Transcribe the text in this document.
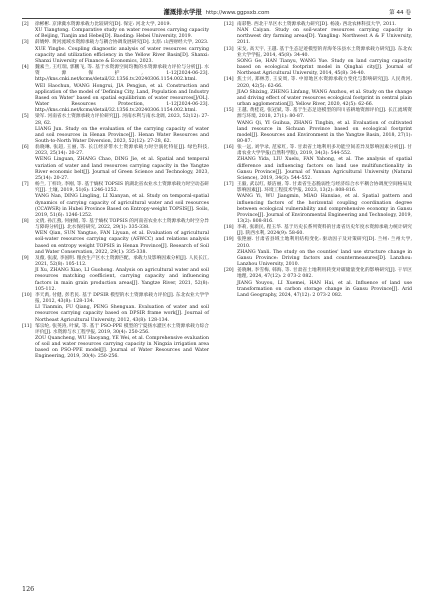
灌溉排水学报 http://www.ggpsxb.com	第 44 卷
[2] 徐彬彬. 京津冀水资源承载力比较研究[D]. 保定: 河北大学, 2019.
XU Tiangtong. Comparative study on water resources carrying capacity of Beijing, Tianjin and Hebei[D]. Baoding: Hebei University, 2019.
[3] 薛婧婷. 黄河流域水资源承载力与耦合协调发展研究[D]. 太原: 山西财经大学, 2023.
XUE Yingbo. Coupling diagnostic analysis of water resources carrying capacity and utilization efficiency in the Yellow River Basin[D]. Shanxi: Shanxi University of Finance & Economics, 2023.
[4] 魏素兰, 王红瑞, 郭鹏飞, 等. 基于水资源空间均衡的水资源承载力评价与分析[J]. 水资源保护, 1-12[2024-06-23]. http://kns.cnki.net/kcms/detail/32.1356.tv.20240306.1154.002.html.
WEI Haochun, WANG Hongrui, JIA Pengjun, et al. Construction and application of the model of 'Defining City, Land, Population and Industry Based on Water' based on spatial equilibrium of water resources[J/OL]. Water Resources Protection, 1-12[2024-06-23]. http://kns.cnki.net/kcms/detail/32.1356.tv.20240306.1154.002.html.
[5] 梁军. 河南省水土资源承载力评价研究[J]. 河南水利与南水北调, 2023, 52(12): 27-28, 62.
LIANG Jun. Study on the evaluation of the carrying capacity of water and soil resources in Henan Province[J]. Henan Water Resources and South-to-North Water Diversion, 2023, 52(12): 27-28, 62.
[6] 翁晓琳, 张超, 王丽, 等. 长江经济带水土资源承载力时空演化特征[J]. 绿色科技, 2023, 25(14): 20-27.
WENG Linguan, ZHANG Chao, DING Jie, et al. Spatial and temporal variation of water and land resources carrying capacity in the Yangtze River economic belt[J]. Journal of Green Science and Technology, 2023, 25(14): 20-27.
[7] 杨兰, 丁梓玲, 李刚, 等. 基于熵权 TOPSIS 的湖北省农业水土资源承载力时空动态研究[J]. 土壤, 2019, 51(6): 1246-1252.
YANG Nan, DING Lingling, LI Xianyan, et al. Study on temporal-spatial dynamics of carrying capacity of agricultural water and soil resources (CCAWSR) in Hubei Province Based on Entropy-weight TOPSIS[J]. Soils, 2019, 51(6): 1246-1252.
[8] 文倩, 孙江燕, 何丽娟, 等. 基于熵权 TOPSIS 的河南省农业水土资源承载力时空分异与障碍分析[J]. 北水保持研究, 2022, 29(1): 335-338.
WEN Qian, SUN Yangtao, FAN Liyuan, et al. Evaluation of agricultural soil-water resources carrying capacity (ASWCC) and relations analysis based on entropy weight TOPSIS in Henan Province[J]. Research of Soil and Water Conservation, 2022, 29(1): 335-338.
[9] 及薇, 张淑, 李国明. 粮食生产区水土资源匹配、承载力及影响因素分析[J]. 人民长江, 2021, 52(8): 105-112.
JI Xu, ZHANG Xiao, LI Guohong. Analysis on agricultural water and soil resources matching coefficient, carrying capacity and influencing factors in main grain production areas[J]. Yangtze River, 2021, 52(8): 105-112.
[10] 李天禹, 付健, 彭若民. 基于 DPSIR 模型的水土资源承载力评价[J]. 东北农业大学学报, 2012, 43(8): 128-134.
LI Tianmin, FU Qiang, PENG Shenguan. Evaluation of water and soil resources carrying capacity based on DPSIR frame work[J]. Journal of Northeast Agricultural University, 2012, 43(8): 128-134.
[11] 邹宗纶, 张英涛, 叶斌, 等. 基于 PSO-PPE 模型的宁夏扬水灌区水土资源承载力综合评价[J]. 水资源与水工程学报, 2019, 30(4): 250-256.
ZOU Quancheng, WU Haoyang, YE Wei, et al. Comprehensive evaluation of soil and water resources carrying capacity in Ningxia irrigation area based on PSO-PPE model[J]. Journal of Water Resources and Water Engineering, 2019, 30(4): 250-256.
[12] 南彩艳. 西北干旱区水土资源承载力研究[D]. 杨凌: 西北农林科技大学, 2011.
NAN Caiyan. Study on soil-water resources carrying capacity in northwest dry farming areas[D]. Yangling: Northwest A & F University, 2011.
[13] 宋戈, 高天宇, 王越. 基于生态足迹模型的青海冬乐县水土资源承载力研究[J]. 东北农业大学学报, 2014, 45(8): 34-40.
SONG Ge, HAN Tianyu, WANG Yue. Study on land carrying capacity based on ecological footprint model in Qinghai city[J]. Journal of Northeast Agricultural University, 2014, 45(8): 34-40.
[14] 焦士兴, 郑林芳, 王安周, 等. 中原地区水资源承载力变化与影响研究[J]. 人民黄河, 2020, 42(5): 62-66.
JIAO Shixing, ZHENG Linfang, WANG Anzhou, et al. Study on the change and driving effect of water resources ecological footprint in central plain urban agglomeration[J]. Yellow River, 2020, 42(5): 62-66.
[15] 王越, 黄桂花, 张冠斌, 等. 基于生态足迹模型的四川省耕地资源评价[J]. 长江流域资源与环境, 2018, 27(1): 80-87.
WANG Qi, YI Guihua, ZHANG Tingbin, et al. Evaluation of cultivated land resource in Sichuan Province based on ecological footprint model[J]. Resources and Environment in the Yangtze Basin, 2018, 27(1): 80-87.
[16] 张一远, 刘学录, 范家红, 等. 甘肃省土地利用多功能空间差异及影响因素分析[J]. 甘肃农业大学学报(自然科学版), 2019, 34(3): 544-552.
ZHANG Yida, LIU Xuelu, FAN Yahong, et al. The analysis of spatial difference and influencing factors on land use multifunctionality in Gansu Province[J]. Journal of Yunnan Agricultural University (Natural Science), 2019, 34(3): 544-552.
[17] 王毅, 武以红, 蔡洁丽, 等. 甘肃省生态脆弱性与经济综合水平耦合协调度空间格局及影响因素[J]. 环境工程技术学报, 2023, 13(2): 808-816.
WANG Yi, WU Jiangmin, MIAO Hanxiao, et al. Spatial pattern and influencing factors of the horizontal coupling coordination degree between ecological vulnerability and comprehensive economy in Gansu Province[J]. Journal of Environmental Engineering and Technology, 2019, 13(2): 808-816.
[18] 李莉, 张新民, 程玉华. 基于历史长系列资料的甘肃省历史年度水资源承载力统计研究[J]. 陕西水利, 2024(9): 58-60.
[19] 张艳丽. 甘肃省县域土地利用结构变化: 驱动因子及对策研究[D]. 兰州: 兰州大学, 2010.
ZHANG Yanli. The study on the counties' land use structure change in Gansu Province: Driving factors and countermeasures[D]. Lanzhou: Lanzhou University, 2010.
[20] 姜晓琳, 李雪梅, 韩海, 等. 甘肃省土地利用转变对碳储量变化的影响研究[J]. 干旱区地理, 2024, 47(12): 2 073-2 082.
JIANG Youyou, LI Xuemei, HAN Hai, et al. Influence of land use transformation on carbon storage change in Gansu Province[J]. Arid Land Geography, 2024, 47(12): 2 073-2 082.
126
